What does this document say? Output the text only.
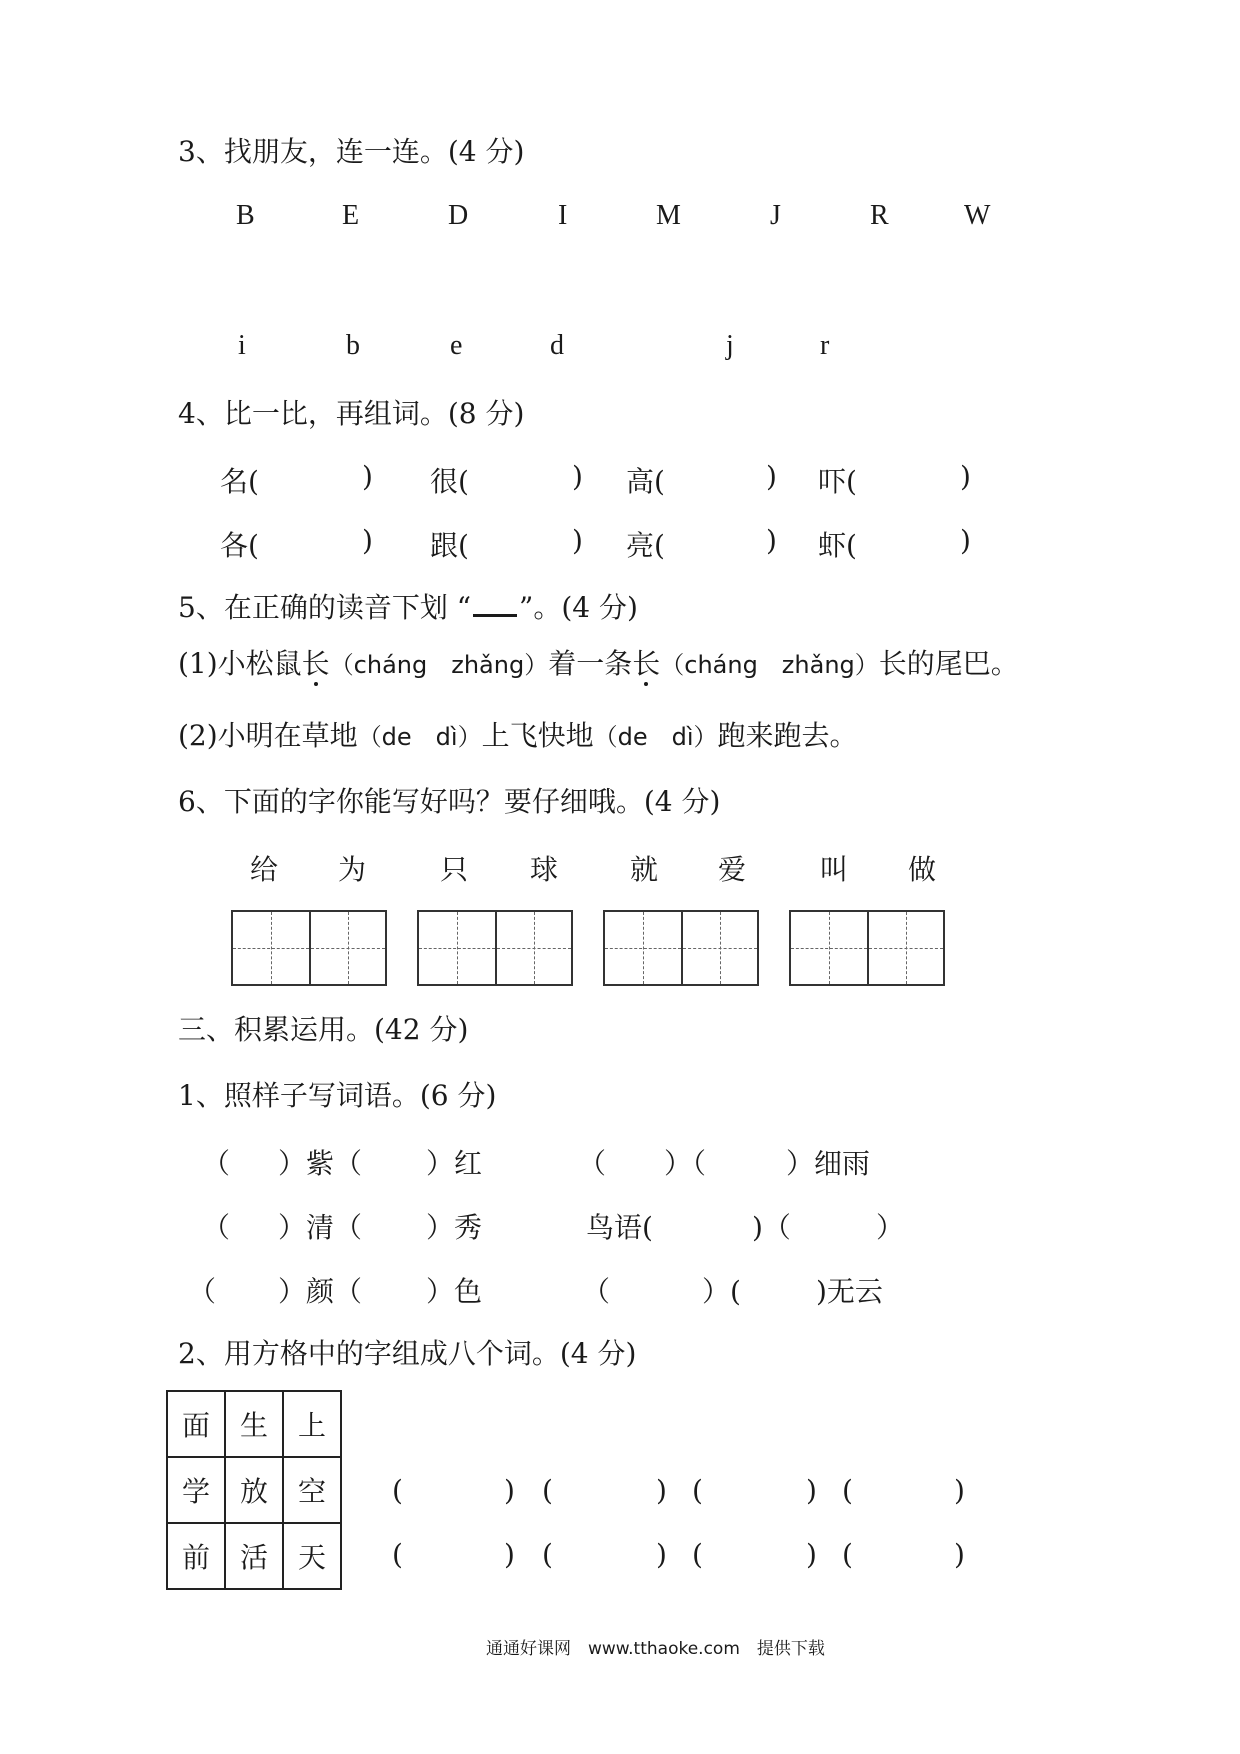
3、找朋友，连一连。(4 分)
B	E	D	I	M	J	R	W
i	b	e	d	j	r
4、比一比，再组词。(8 分)
名(	) 很(	) 高(	) 吓(	)
各(	) 跟(	) 亮(	) 虾(	)
5、在正确的读音下划 “ ”。(4 分)
(1)小松鼠长（cháng　zhǎng）着一条长（cháng　zhǎng）长的尾巴。
(2)小明在草地（de　dì）上飞快地（de　dì）跑来跑去。
6、下面的字你能写好吗？要仔细哦。(4 分)
给 为	只 球	就 爱	叫 做
三、积累运用。(42 分)
1、照样子写词语。(6 分)
（ ）紫（ ）红	（ ）（	）细雨
（ ）清（ ）秀	鸟语(	)（	）
（ ）颜（ ）色	（	）(	)无云
2、用方格中的字组成八个词。(4 分)
面	生	上
学	放	空
前	活	天
(	) (	) (	) (	)
(	) (	) (	) (	)
通通好课网　www.tthaoke.com　提供下载
